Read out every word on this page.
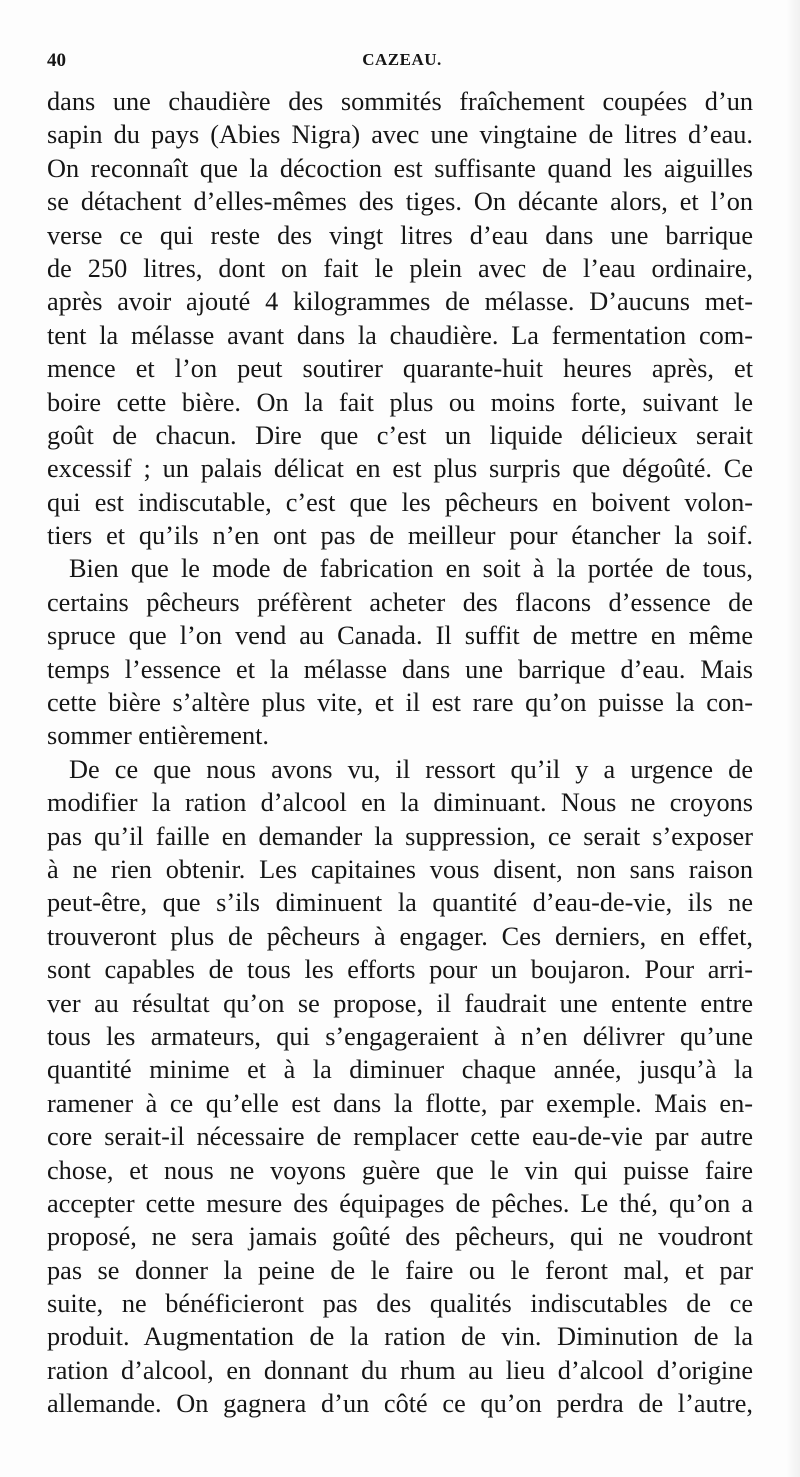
40	CAZEAU.
dans une chaudière des sommités fraîchement coupées d’un
sapin du pays (Abies Nigra) avec une vingtaine de litres d’eau.
On reconnaît que la décoction est suffisante quand les aiguilles
se détachent d’elles-mêmes des tiges. On décante alors, et l’on
verse ce qui reste des vingt litres d’eau dans une barrique
de 250 litres, dont on fait le plein avec de l’eau ordinaire,
après avoir ajouté 4 kilogrammes de mélasse. D’aucuns met-
tent la mélasse avant dans la chaudière. La fermentation com-
mence et l’on peut soutirer quarante-huit heures après, et
boire cette bière. On la fait plus ou moins forte, suivant le
goût de chacun. Dire que c’est un liquide délicieux serait
excessif ; un palais délicat en est plus surpris que dégoûté. Ce
qui est indiscutable, c’est que les pêcheurs en boivent volon-
tiers et qu’ils n’en ont pas de meilleur pour étancher la soif.
Bien que le mode de fabrication en soit à la portée de tous,
certains pêcheurs préfèrent acheter des flacons d’essence de
spruce que l’on vend au Canada. Il suffit de mettre en même
temps l’essence et la mélasse dans une barrique d’eau. Mais
cette bière s’altère plus vite, et il est rare qu’on puisse la con-
sommer entièrement.
De ce que nous avons vu, il ressort qu’il y a urgence de
modifier la ration d’alcool en la diminuant. Nous ne croyons
pas qu’il faille en demander la suppression, ce serait s’exposer
à ne rien obtenir. Les capitaines vous disent, non sans raison
peut-être, que s’ils diminuent la quantité d’eau-de-vie, ils ne
trouveront plus de pêcheurs à engager. Ces derniers, en effet,
sont capables de tous les efforts pour un boujaron. Pour arri-
ver au résultat qu’on se propose, il faudrait une entente entre
tous les armateurs, qui s’engageraient à n’en délivrer qu’une
quantité minime et à la diminuer chaque année, jusqu’à la
ramener à ce qu’elle est dans la flotte, par exemple. Mais en-
core serait-il nécessaire de remplacer cette eau-de-vie par autre
chose, et nous ne voyons guère que le vin qui puisse faire
accepter cette mesure des équipages de pêches. Le thé, qu’on a
proposé, ne sera jamais goûté des pêcheurs, qui ne voudront
pas se donner la peine de le faire ou le feront mal, et par
suite, ne bénéficieront pas des qualités indiscutables de ce
produit. Augmentation de la ration de vin. Diminution de la
ration d’alcool, en donnant du rhum au lieu d’alcool d’origine
allemande. On gagnera d’un côté ce qu’on perdra de l’autre,
